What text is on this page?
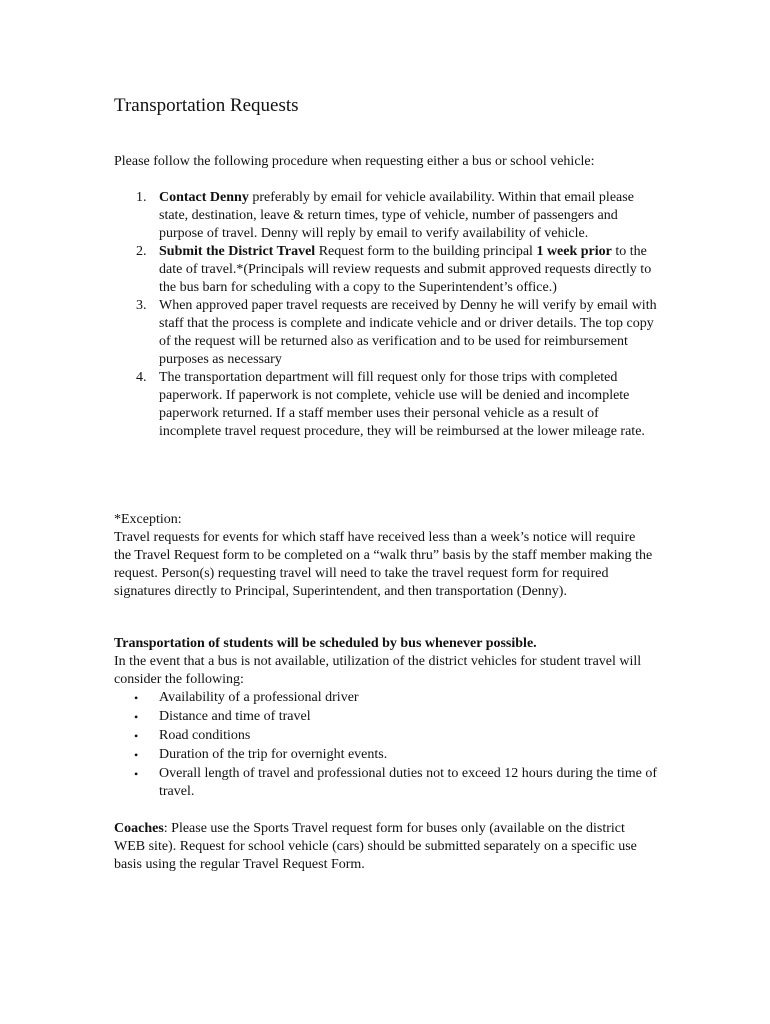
Transportation Requests

Please follow the following procedure when requesting either a bus or school vehicle:

1. Contact Denny preferably by email for vehicle availability. Within that email please state, destination, leave & return times, type of vehicle, number of passengers and purpose of travel. Denny will reply by email to verify availability of vehicle.
2. Submit the District Travel Request form to the building principal 1 week prior to the date of travel.*(Principals will review requests and submit approved requests directly to the bus barn for scheduling with a copy to the Superintendent’s office.)
3. When approved paper travel requests are received by Denny he will verify by email with staff that the process is complete and indicate vehicle and or driver details. The top copy of the request will be returned also as verification and to be used for reimbursement purposes as necessary
4. The transportation department will fill request only for those trips with completed paperwork. If paperwork is not complete, vehicle use will be denied and incomplete paperwork returned. If a staff member uses their personal vehicle as a result of incomplete travel request procedure, they will be reimbursed at the lower mileage rate.

*Exception:

Travel requests for events for which staff have received less than a week’s notice will require the Travel Request form to be completed on a “walk thru” basis by the staff member making the request. Person(s) requesting travel will need to take the travel request form for required signatures directly to Principal, Superintendent, and then transportation (Denny).

Transportation of students will be scheduled by bus whenever possible.

In the event that a bus is not available, utilization of the district vehicles for student travel will consider the following:

• Availability of a professional driver
• Distance and time of travel
• Road conditions
• Duration of the trip for overnight events.
• Overall length of travel and professional duties not to exceed 12 hours during the time of travel.

Coaches: Please use the Sports Travel request form for buses only (available on the district WEB site). Request for school vehicle (cars) should be submitted separately on a specific use basis using the regular Travel Request Form.
